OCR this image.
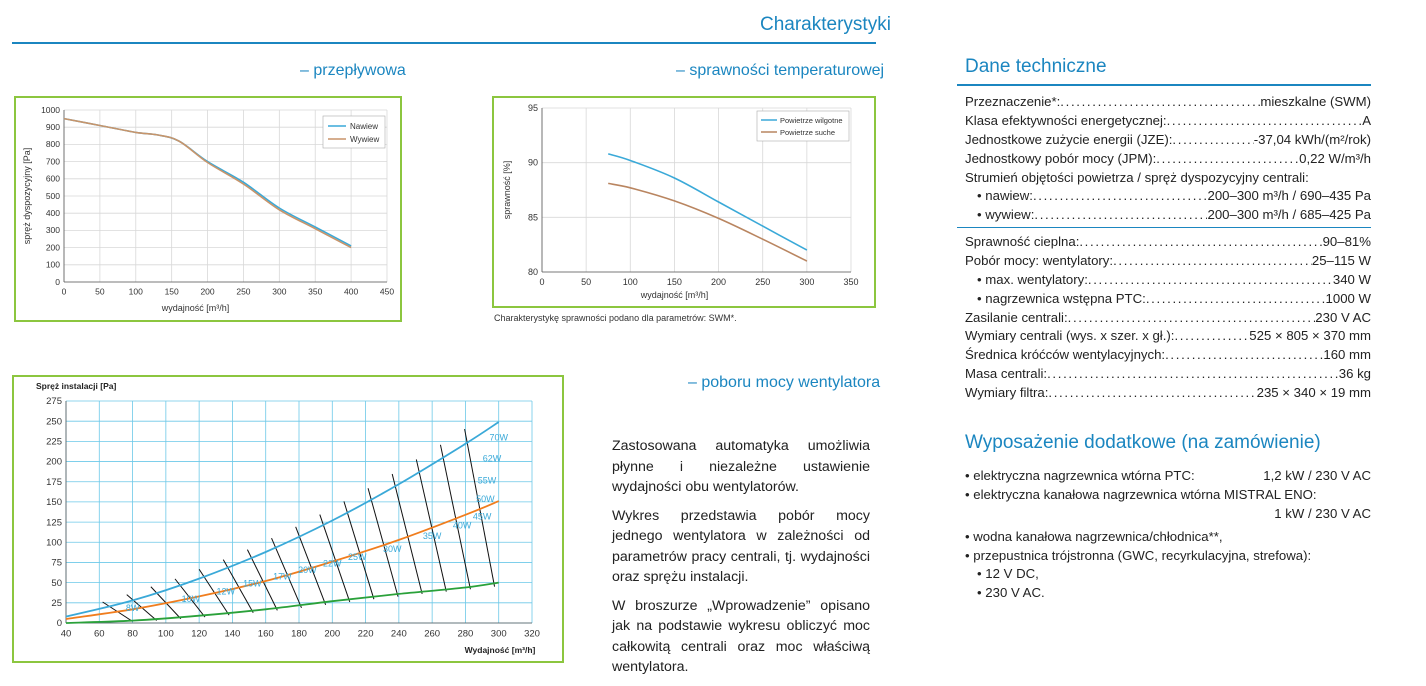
Charakterystyki
– przepływowa	– sprawności temperaturowej
0	50	100	150	200	250	300	350	400	450
0
100
200
300
400
500
600
700
800
900
1000
wydajność [m³/h]
spręż dyspozycyjny [Pa]
Nawiew
Wywiew
0	50	100	150	200	250	300	350
80
85
90
95
wydajność [m³/h]
sprawność [%]
Powietrze wilgotne
Powietrze suche
Charakterystykę sprawności podano dla parametrów: SWM*.
– poboru mocy wentylatora
40 60 80 100 120 140 160 180 200 220 240 260 280 300 320
0
25
50
75
100
125
150
175
200
225
250
275
8W
10W
12W
15W
17W
20W
22W
25W
30W
35W
40W
45W
50W
55W
62W
70W
Spręż instalacji [Pa]
Wydajność [m³/h]

Zastosowana automatyka umożliwia płynne i niezależne ustawienie wydajności obu wentylatorów.

Wykres przedstawia pobór mocy jednego wentylatora w zależności od parametrów pracy centrali, tj. wydajności oraz sprężu instalacji.

W broszurze „Wprowadzenie” opisano jak na podstawie wykresu obliczyć moc całkowitą centrali oraz moc właściwą wentylatora.

Dane techniczne
Przeznaczenie*: . . .	mieszkalne (SWM)
Klasa efektywności energetycznej: . . .	A
Jednostkowe zużycie energii (JZE): . . .	-37,04 kWh/(m²/rok)
Jednostkowy pobór mocy (JPM): . . .	0,22 W/m³/h
Strumień objętości powietrza / spręż dyspozycyjny centrali:
• nawiew: . . .	200–300 m³/h / 690–435 Pa
• wywiew: . . .	200–300 m³/h / 685–425 Pa
Sprawność cieplna: . . .	90–81%
Pobór mocy: wentylatory: . . .	25–115 W
• max. wentylatory: . . .	340 W
• nagrzewnica wstępna PTC: . . .	1000 W
Zasilanie centrali: . . .	230 V AC
Wymiary centrali (wys. x szer. x gł.): . . .	525 × 805 × 370 mm
Średnica króćców wentylacyjnych: . . .	160 mm
Masa centrali: . . .	36 kg
Wymiary filtra: . . .	235 × 340 × 19 mm
Wyposażenie dodatkowe (na zamówienie)
• elektryczna nagrzewnica wtórna PTC:	1,2 kW / 230 V AC
• elektryczna kanałowa nagrzewnica wtórna MISTRAL ENO:
1 kW / 230 V AC
• wodna kanałowa nagrzewnica/chłodnica**,
• przepustnica trójstronna (GWC, recyrkulacyjna, strefowa):
• 12 V DC,
• 230 V AC.
